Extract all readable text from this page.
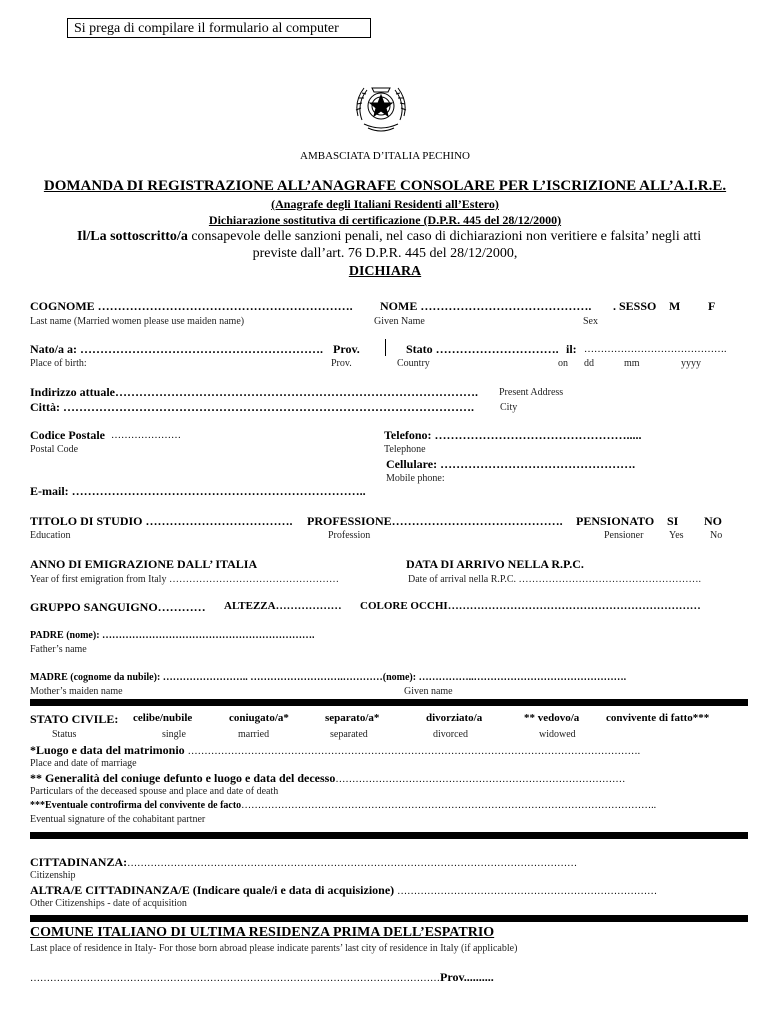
Si prega di compilare il formulario al computer
AMBASCIATA D’ITALIA PECHINO
DOMANDA DI REGISTRAZIONE ALL’ANAGRAFE CONSOLARE PER L’ISCRIZIONE ALL’A.I.R.E.
(Anagrafe degli Italiani Residenti all’Estero)
Dichiarazione sostitutiva di certificazione (D.P.R. 445 del 28/12/2000)
Il/La sottoscritto/a consapevole delle sanzioni penali, nel caso di dichiarazioni non veritiere e falsita’ negli atti
previste dall’art. 76 D.P.R. 445 del 28/12/2000,
DICHIARA
COGNOME ………………………………………………………. NOME ……………………………………. . SESSO M F
Last name (Married women please use maiden name)	Given Name	Sex
Nato/a a: ……………………………………………………. Prov.	Stato …………………………. il: …………………………………….
Place of birth:	Prov.	Country	on dd	mm	yyyy
Indirizzo attuale………………………………………………………………………………. Present Address
Città: ………………………………………………………………………………………….	City
Codice Postale …………………
Postal Code
Telefono: ………………………………………….....
Telephone
Cellulare: ………………………………………….
Mobile phone:
E-mail: ………………………………………………………………..
TITOLO DI STUDIO ………………………………. PROFESSIONE……………………………………. PENSIONATO SI NO
Education	Profession	Pensioner	Yes	No
ANNO DI EMIGRAZIONE DALL’ ITALIA
Year of first emigration from Italy ……………………………………………
DATA DI ARRIVO NELLA R.P.C.
Date of arrival nella R.P.C. ……………………………………………….
GRUPPO SANGUIGNO………… ALTEZZA……………… COLORE OCCHI……………………………………………………………
PADRE (nome): ……………………………………………………….
Father’s name
MADRE (cognome da nubile): …………………….. ……………………….…………(nome): ……………..……………………………………….
Mother’s maiden name	Given name
STATO CIVILE: celibe/nubile	coniugato/a*	separato/a*	divorziato/a	** vedovo/a convivente di fatto***
Status	single	married	separated	divorced	widowed
*Luogo e data del matrimonio ……………………………………………………………………………………………………………………….
Place and date of marriage
** Generalità del coniuge defunto e luogo e data del decesso……………………………………………………………………………
Particulars of the deceased spouse and place and date of death
***Eventuale controfirma del convivente de facto……………………………………………………………………………………………………………..
Eventual signature of the cohabitant partner
CITTADINANZA:………………………………………………………………………………………………………………………
Citizenship
ALTRA/E CITTADINANZA/E (Indicare quale/i e data di acquisizione) ……………………………………………………………………
Other Citizenships - date of acquisition
COMUNE ITALIANO DI ULTIMA RESIDENZA PRIMA DELL’ESPATRIO
Last place of residence in Italy- For those born abroad please indicate parents’ last city of residence in Italy (if applicable)
……………………………………………………………………………………………………………Prov..........
